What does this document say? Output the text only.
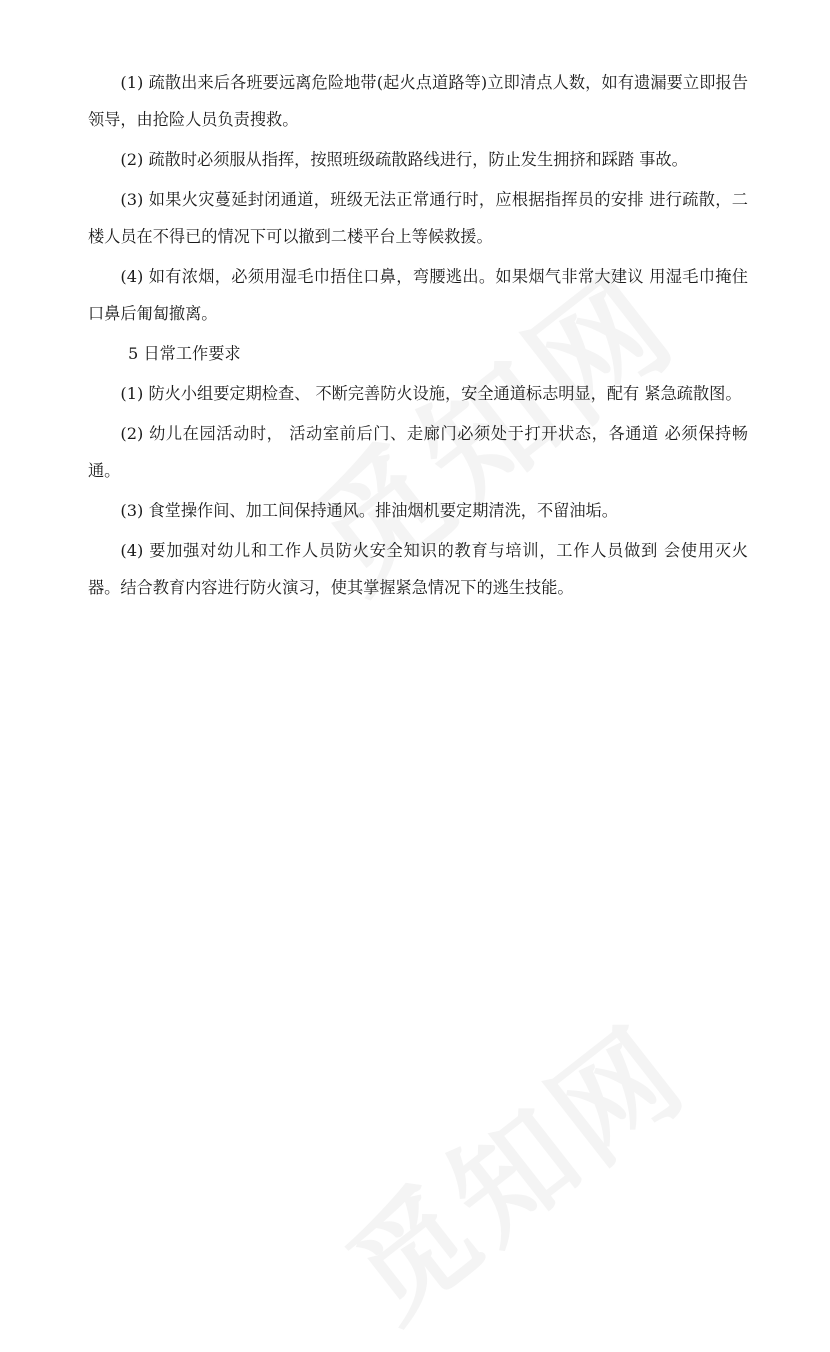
(1) 疏散出来后各班要远离危险地带(起火点道路等)立即清点人数，如有遗漏要立即报告领导，由抢险人员负责搜救。

(2) 疏散时必须服从指挥，按照班级疏散路线进行，防止发生拥挤和踩踏 事故。

(3) 如果火灾蔓延封闭通道，班级无法正常通行时，应根据指挥员的安排 进行疏散，二楼人员在不得已的情况下可以撤到二楼平台上等候救援。

(4) 如有浓烟，必须用湿毛巾捂住口鼻，弯腰逃出。如果烟气非常大建议 用湿毛巾掩住口鼻后匍匐撤离。

5 日常工作要求

(1) 防火小组要定期检查、 不断完善防火设施，安全通道标志明显，配有 紧急疏散图。

(2) 幼儿在园活动时， 活动室前后门、走廊门必须处于打开状态，各通道 必须保持畅通。

(3) 食堂操作间、加工间保持通风。排油烟机要定期清洗，不留油垢。

(4) 要加强对幼儿和工作人员防火安全知识的教育与培训，工作人员做到 会使用灭火器。结合教育内容进行防火演习，使其掌握紧急情况下的逃生技能。
